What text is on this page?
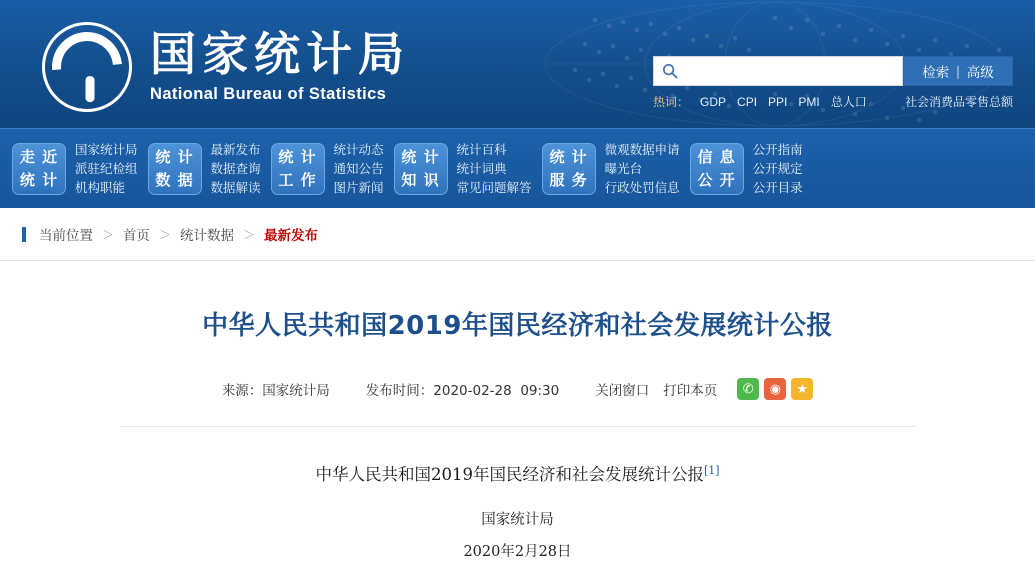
国家统计局
National Bureau of Statistics
检索 | 高级
热词： GDP CPI PPI PMI 总人口	社会消费品零售总额
走 近
统 计
国家统计局
派驻纪检组
机构职能
统 计
数 据
最新发布
数据查询
数据解读
统 计
工 作
统计动态
通知公告
图片新闻
统 计
知 识
统计百科
统计词典
常见问题解答
统 计
服 务
微观数据申请
曝光台
行政处罚信息
信 息
公 开
公开指南
公开规定
公开目录
当前位置 ＞ 首页 ＞ 统计数据 ＞ 最新发布
中华人民共和国2019年国民经济和社会发展统计公报
来源：国家统计局	发布时间：2020-02-28 09:30	关闭窗口 打印本页	✆	◉	★
中华人民共和国2019年国民经济和社会发展统计公报[1]
国家统计局
2020年2月28日
